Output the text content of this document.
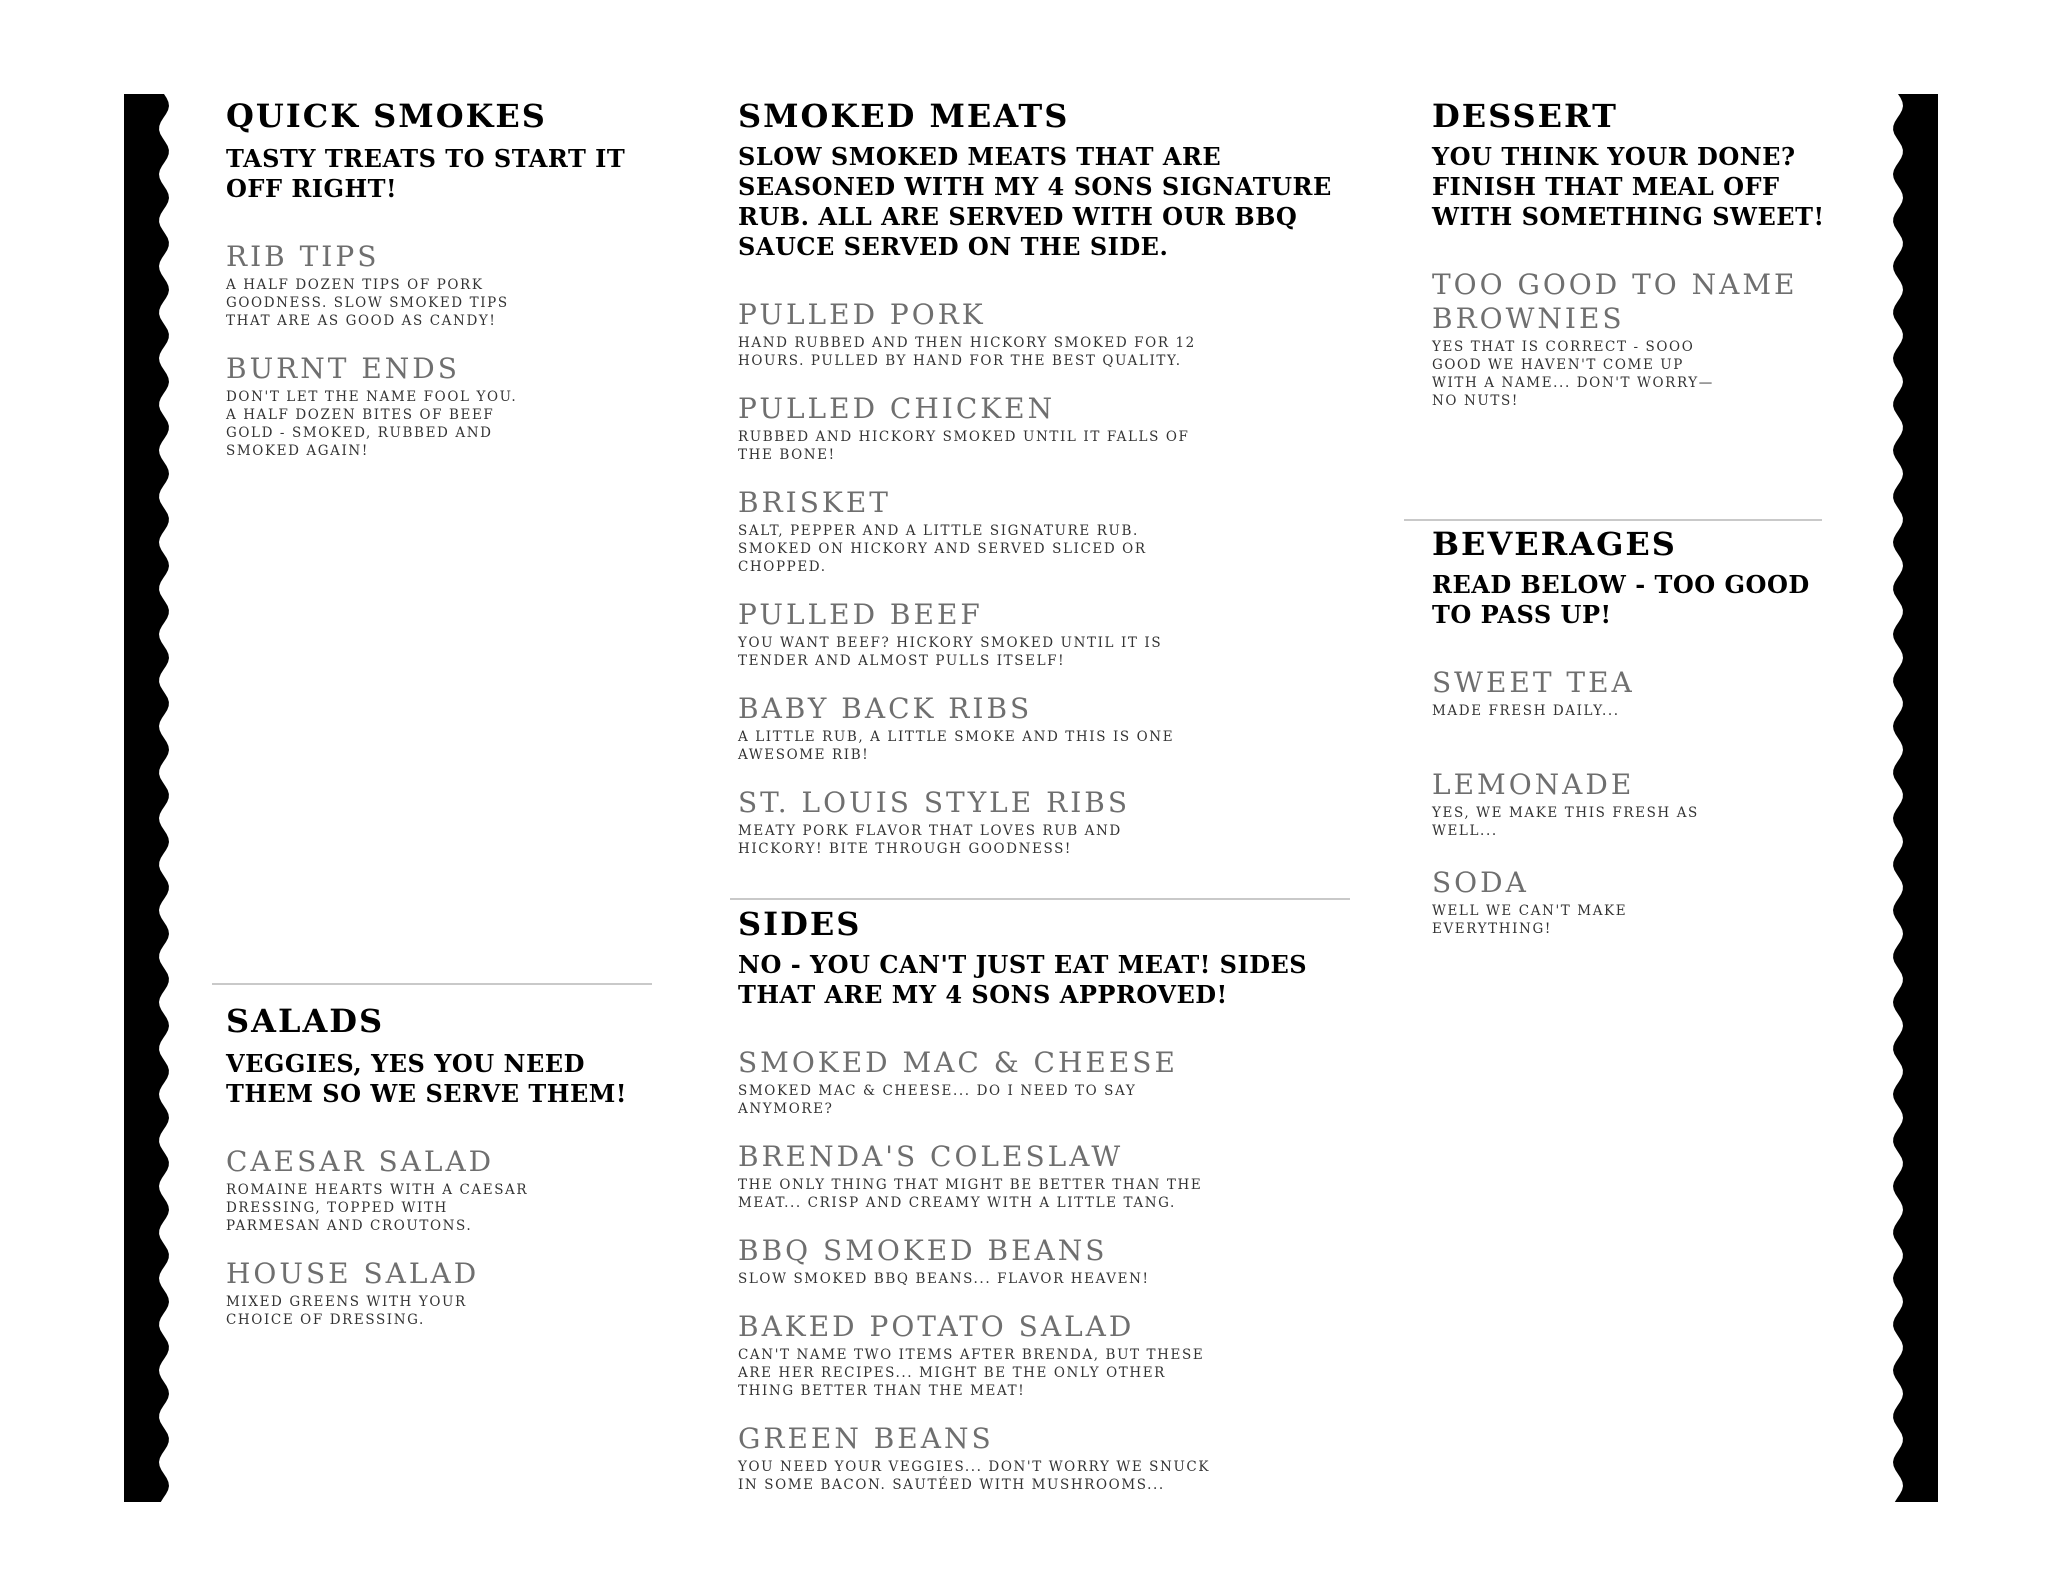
QUICK SMOKES
TASTY TREATS TO START IT OFF RIGHT!
RIB TIPS
A HALF DOZEN TIPS OF PORK
GOODNESS. SLOW SMOKED TIPS
THAT ARE AS GOOD AS CANDY!
BURNT ENDS
DON'T LET THE NAME FOOL YOU.
A HALF DOZEN BITES OF BEEF
GOLD - SMOKED, RUBBED AND
SMOKED AGAIN!
SALADS
VEGGIES, YES YOU NEED THEM SO WE SERVE THEM!
CAESAR SALAD
ROMAINE HEARTS WITH A CAESAR
DRESSING, TOPPED WITH
PARMESAN AND CROUTONS.
HOUSE SALAD
MIXED GREENS WITH YOUR
CHOICE OF DRESSING.
SMOKED MEATS
SLOW SMOKED MEATS THAT ARE SEASONED WITH MY 4 SONS SIGNATURE RUB. ALL ARE SERVED WITH OUR BBQ SAUCE SERVED ON THE SIDE.
PULLED PORK
HAND RUBBED AND THEN HICKORY SMOKED FOR 12
HOURS. PULLED BY HAND FOR THE BEST QUALITY.
PULLED CHICKEN
RUBBED AND HICKORY SMOKED UNTIL IT FALLS OF
THE BONE!
BRISKET
SALT, PEPPER AND A LITTLE SIGNATURE RUB.
SMOKED ON HICKORY AND SERVED SLICED OR
CHOPPED.
PULLED BEEF
YOU WANT BEEF? HICKORY SMOKED UNTIL IT IS
TENDER AND ALMOST PULLS ITSELF!
BABY BACK RIBS
A LITTLE RUB, A LITTLE SMOKE AND THIS IS ONE
AWESOME RIB!
ST. LOUIS STYLE RIBS
MEATY PORK FLAVOR THAT LOVES RUB AND
HICKORY! BITE THROUGH GOODNESS!
SIDES
NO - YOU CAN'T JUST EAT MEAT! SIDES THAT ARE MY 4 SONS APPROVED!
SMOKED MAC & CHEESE
SMOKED MAC & CHEESE... DO I NEED TO SAY
ANYMORE?
BRENDA'S COLESLAW
THE ONLY THING THAT MIGHT BE BETTER THAN THE
MEAT... CRISP AND CREAMY WITH A LITTLE TANG.
BBQ SMOKED BEANS
SLOW SMOKED BBQ BEANS... FLAVOR HEAVEN!
BAKED POTATO SALAD
CAN'T NAME TWO ITEMS AFTER BRENDA, BUT THESE
ARE HER RECIPES... MIGHT BE THE ONLY OTHER
THING BETTER THAN THE MEAT!
GREEN BEANS
YOU NEED YOUR VEGGIES... DON'T WORRY WE SNUCK
IN SOME BACON. SAUTÉED WITH MUSHROOMS...
DESSERT
YOU THINK YOUR DONE? FINISH THAT MEAL OFF WITH SOMETHING SWEET!
TOO GOOD TO NAME BROWNIES
YES THAT IS CORRECT - SOOO
GOOD WE HAVEN'T COME UP
WITH A NAME... DON'T WORRY—
NO NUTS!
BEVERAGES
READ BELOW - TOO GOOD TO PASS UP!
SWEET TEA
MADE FRESH DAILY...
LEMONADE
YES, WE MAKE THIS FRESH AS
WELL...
SODA
WELL WE CAN'T MAKE
EVERYTHING!
